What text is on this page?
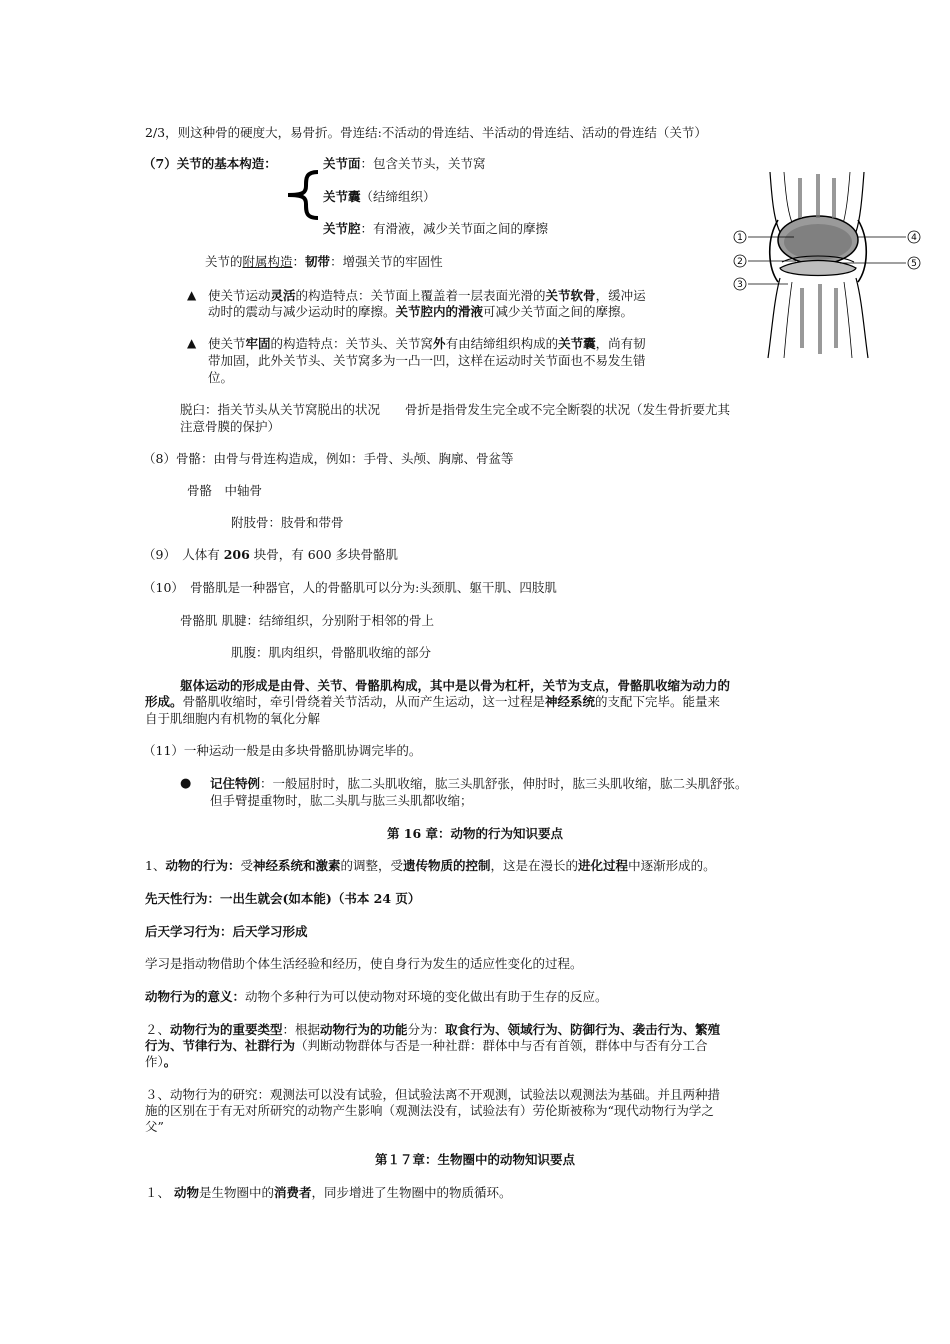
2/3，则这种骨的硬度大，易骨折。骨连结:不活动的骨连结、半活动的骨连结、活动的骨连结（关节）
（7）关节的基本构造：	关节面：包含关节头，关节窝
关节囊（结缔组织）
关节腔：有滑液，减少关节面之间的摩擦
关节的附属构造：韧带：增强关节的牢固性
▲ 使关节运动灵活的构造特点：关节面上覆盖着一层表面光滑的关节软骨，缓冲运
动时的震动与减少运动时的摩擦。关节腔内的滑液可减少关节面之间的摩擦。
▲ 使关节牢固的构造特点：关节头、关节窝外有由结缔组织构成的关节囊，尚有韧
带加固，此外关节头、关节窝多为一凸一凹，这样在运动时关节面也不易发生错
位。
脱臼：指关节头从关节窝脱出的状况　　骨折是指骨发生完全或不完全断裂的状况（发生骨折要尤其
注意骨膜的保护）
1
2
3
4
5
（8）骨骼：由骨与骨连构造成，例如：手骨、头颅、胸廓、骨盆等
骨骼　中轴骨
附肢骨：肢骨和带骨
（9）　人体有 206 块骨，有 600 多块骨骼肌
（10）　骨骼肌是一种器官，人的骨骼肌可以分为:头颈肌、躯干肌、四肢肌
骨骼肌 肌腱：结缔组织，分别附于相邻的骨上
肌腹：肌肉组织，骨骼肌收缩的部分
躯体运动的形成是由骨、关节、骨骼肌构成，其中是以骨为杠杆，关节为支点，骨骼肌收缩为动力的
形成。骨骼肌收缩时，牵引骨绕着关节活动，从而产生运动，这一过程是神经系统的支配下完毕。能量来
自于肌细胞内有机物的氧化分解
（11）一种运动一般是由多块骨骼肌协调完毕的。
● 记住特例：一般屈肘时，肱二头肌收缩，肱三头肌舒张，伸肘时，肱三头肌收缩，肱二头肌舒张。
但手臂提重物时，肱二头肌与肱三头肌都收缩；
第 16 章：动物的行为知识要点
1、动物的行为：受神经系统和激素的调整，受遗传物质的控制，这是在漫长的进化过程中逐渐形成的。
先天性行为：一出生就会(如本能)（书本 24 页）
后天学习行为：后天学习形成
学习是指动物借助个体生活经验和经历，使自身行为发生的适应性变化的过程。
动物行为的意义：动物个多种行为可以使动物对环境的变化做出有助于生存的反应。
２、动物行为的重要类型：根据动物行为的功能分为：取食行为、领域行为、防御行为、袭击行为、繁殖
行为、节律行为、社群行为（判断动物群体与否是一种社群：群体中与否有首领，群体中与否有分工合
作）。
３、动物行为的研究：观测法可以没有试验，但试验法离不开观测，试验法以观测法为基础。并且两种措
施的区别在于有无对所研究的动物产生影响（观测法没有，试验法有）劳伦斯被称为“现代动物行为学之
父”
第１７章：生物圈中的动物知识要点
１、 动物是生物圈中的消费者，同步增进了生物圈中的物质循环。
